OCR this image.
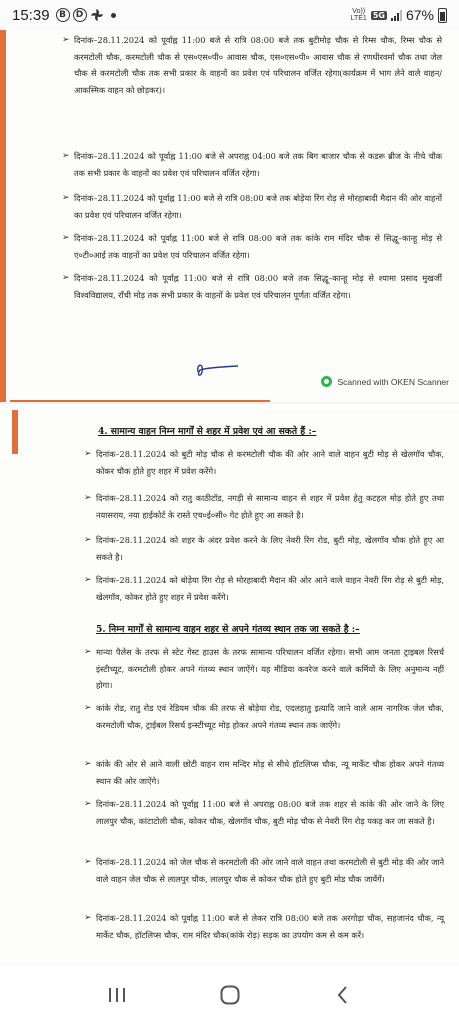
15:39	B	D	Vo))
LTE1 5G 67%
➢ दिनांक–28.11.2024 को पूर्वाह्न 11:00 बजे से रात्रि 08:00 बजे तक बुटीमोड़ चौक से रिम्स चौक, रिम्स चौक से करमटोली चौक, करमटोली चौक से एस०एस०पी० आवास चौक, एस०एस०पी० आवास चौक से रणधीरवर्मा चौक तथा जेल चौक से करमटोली चौक तक सभी प्रकार के वाहनों का प्रवेश एवं परिचालन वर्जित रहेगा(कार्यक्रम में भाग लेने वाले वाहन/आकस्मिक वाहन को छोड़कर)।
➢ दिनांक–28.11.2024 को पूर्वाह्न 11:00 बजे से अपराह्न 04:00 बजे तक बिग बाजार चौक से कडरू ब्रीज के नीचे चौक तक सभी प्रकार के वाहनों का प्रवेश एवं परिचालन वर्जित रहेगा।
➢ दिनांक–28.11.2024 को पूर्वाह्न 11:00 बजे से रात्रि 08:00 बजे तक बोड़ेया रिंग रोड़ से मोरहाबादी मैदान की ओर वाहनों का प्रवेश एवं परिचालन वर्जित रहेगा।
➢ दिनांक–28.11.2024 को पूर्वाह्न 11:00 बजे से रात्रि 08:00 बजे तक कांके राम मंदिर चौक से सिद्धू–कान्हू मोड़ से ए०टी०आई तक वाहनों का प्रवेश एवं परिचालन वर्जित रहेगा।
➢ दिनांक–28.11.2024 को पूर्वाह्न 11:00 बजे से रात्रि 08:00 बजे तक सिद्धू–कान्हू मोड़ से श्यामा प्रसाद मुखर्जी विश्वविद्यालय, रॉंची मोड़ तक सभी प्रकार के वाहनों के प्रवेश एवं परिचालन पूर्णतः वर्जित रहेगा।
Scanned with OKEN Scanner
4. सामान्य वाहन निम्न मार्गों से शहर में प्रवेश एवं आ सकते हैं :–
➢ दिनांक–28.11.2024 को बुटी मोड़ चौक से करमटोली चौक की ओर आने वाले वाहन बुटी मोड़ से खेलगॉव चौक, कोकर चौक होते हुए शहर में प्रवेश करेंगे।
➢ दिनांक–28.11.2024 को रातु काठीटॉड, नगड़ी से सामान्य वाहन से शहर में प्रवेश हेतु कटहल मोड़ होते हुए तथा नयासराय, नया हाईकोर्ट के रास्ते एच०ई०सी० गेट होते हुए आ सकते है।
➢ दिनांक–28.11.2024 को शहर के अंदर प्रवेश करने के लिए नेवरी रिंग रोड, बुटी मोड़, खेलगॉव चौक होते हुए आ सकते है।
➢ दिनांक–28.11.2024 को बोड़ेया रिंग रोड़ से मोरहाबादी मैदान की ओर आने वाले वाहन नेवरी रिंग रोड़ से बुटी मोड़, खेलगॉव, कोकर होते हुए शहर में प्रवेश करेंगे।
5. निम्न मार्गों से सामान्य वाहन शहर से अपने गंतव्य स्थान तक जा सकते है :–
➢ मान्या पैलेस के तरफ से स्टेट गेस्ट हाउस के तरफ सामान्य परिचालन वर्जित रहेगा। सभी आम जनता ट्राइबल रिसर्च इंस्टीच्यूट, करमटोली होकर अपने गंतव्य स्थान जाऐंगे। यह मीडिया कवरेज करने वाले कर्मियों के लिए अनुमान्य नहीं होगा।
➢ कांके रोड, रातु रोड एवं रेडियम चौक की तरफ से बोड़ेया रोड, एदलहातु इत्यादि जाने वाले आम नागरिक जेल चौक, करमटोली चौक, ट्राईबल रिसर्च इन्स्टीच्यूट मोड़ होकर अपने गंतव्य स्थान तक जाऐंगे।
➢ कांके की ओर से आने वाली छोटी वाहन राम मन्दिर मोड़ से सीधे हॉटलिप्स चौक, न्यू मार्केट चौक होकर अपने गंतव्य स्थान की ओर जाऐंगे।
➢ दिनांक–28.11.2024 को पूर्वाह्न 11:00 बजे से अपराह्न 08:00 बजे तक शहर से कांके की ओर जाने के लिए लालपुर चौक, कांटाटोली चौक, कोकर चौक, खेलगॉव चौक, बुटी मोड़ चौक से नेवरी रिंग रोड़ पकड़ कर जा सकते है।
➢ दिनांक–28.11.2024 को जेल चौक से करमटोली की ओर जाने वाले वाहन तथा करमटोली से बुटी मोड़ की ओर जाने वाले वाहन जेल चौक से लालपुर चौक, लालपुर चौक से कोकर चौक होते हुए बुटी मोड चौक जायेंगें।
➢ दिनांक–28.11.2024 को पूर्वाह्न 11:00 बजे से लेकर रात्रि 08:00 बजे तक अरगोड़ा चौक, सहजानंद चौक, न्यू मार्केट चौक, हॉटलिप्स चौक, राम मंदिर चौक(कांके रोड़) सड़क का उपयोग कम से कम करें।
